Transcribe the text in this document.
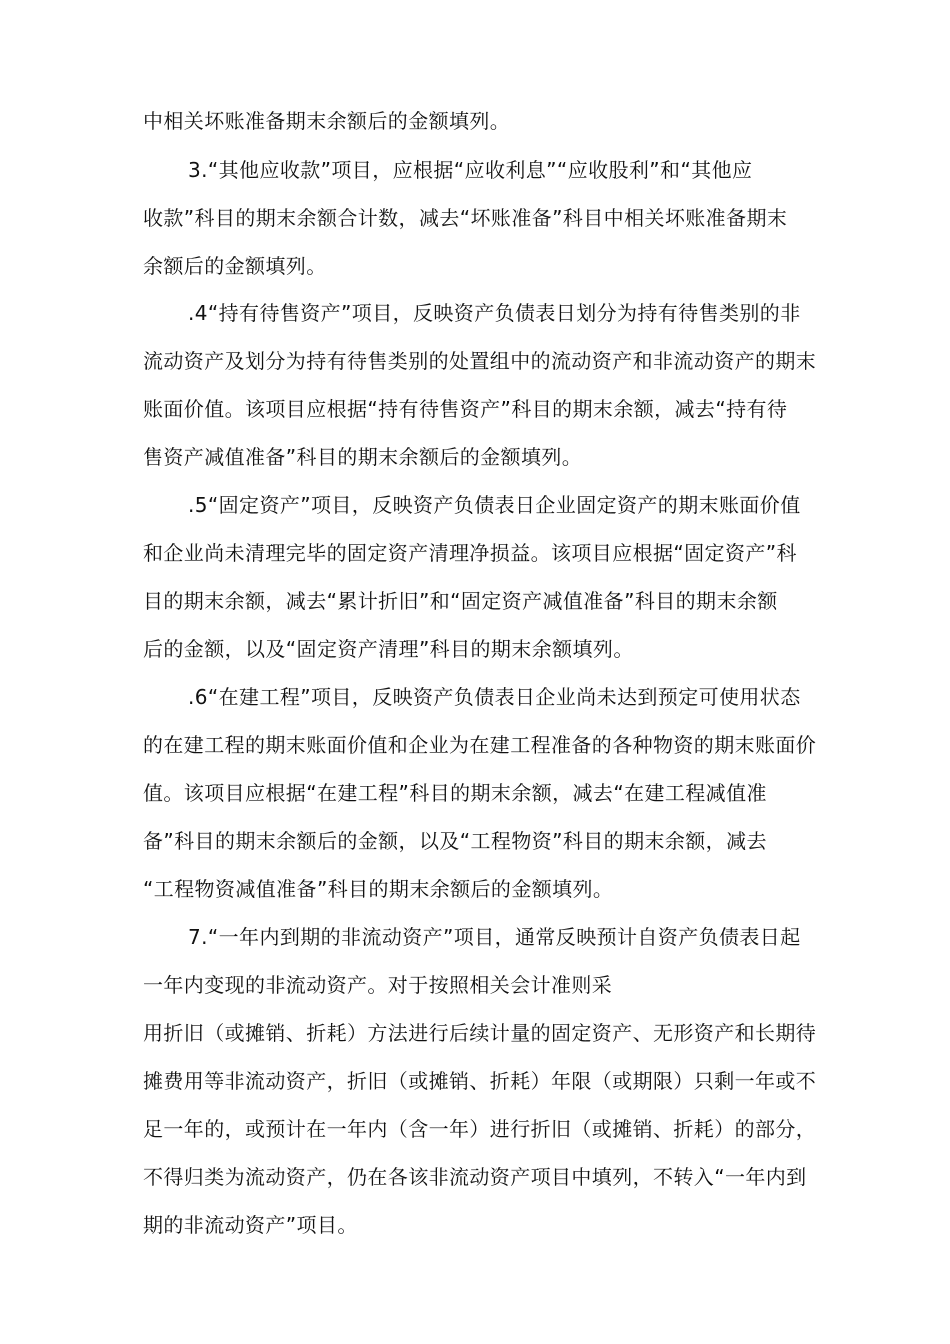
中相关坏账准备期末余额后的金额填列。
3.“其他应收款”项目，应根据“应收利息”“应收股利”和“其他应
收款”科目的期末余额合计数，减去“坏账准备”科目中相关坏账准备期末
余额后的金额填列。
.4“持有待售资产”项目，反映资产负债表日划分为持有待售类别的非
流动资产及划分为持有待售类别的处置组中的流动资产和非流动资产的期末
账面价值。该项目应根据“持有待售资产”科目的期末余额，减去“持有待
售资产减值准备”科目的期末余额后的金额填列。
.5“固定资产”项目，反映资产负债表日企业固定资产的期末账面价值
和企业尚未清理完毕的固定资产清理净损益。该项目应根据“固定资产”科
目的期末余额，减去“累计折旧”和“固定资产减值准备”科目的期末余额
后的金额，以及“固定资产清理”科目的期末余额填列。
.6“在建工程”项目，反映资产负债表日企业尚未达到预定可使用状态
的在建工程的期末账面价值和企业为在建工程准备的各种物资的期末账面价
值。该项目应根据“在建工程”科目的期末余额，减去“在建工程减值准
备”科目的期末余额后的金额，以及“工程物资”科目的期末余额，减去
“工程物资减值准备”科目的期末余额后的金额填列。
7.“一年内到期的非流动资产”项目，通常反映预计自资产负债表日起
一年内变现的非流动资产。对于按照相关会计准则采
用折旧（或摊销、折耗）方法进行后续计量的固定资产、无形资产和长期待
摊费用等非流动资产，折旧（或摊销、折耗）年限（或期限）只剩一年或不
足一年的，或预计在一年内（含一年）进行折旧（或摊销、折耗）的部分，
不得归类为流动资产，仍在各该非流动资产项目中填列，不转入“一年内到
期的非流动资产”项目。
